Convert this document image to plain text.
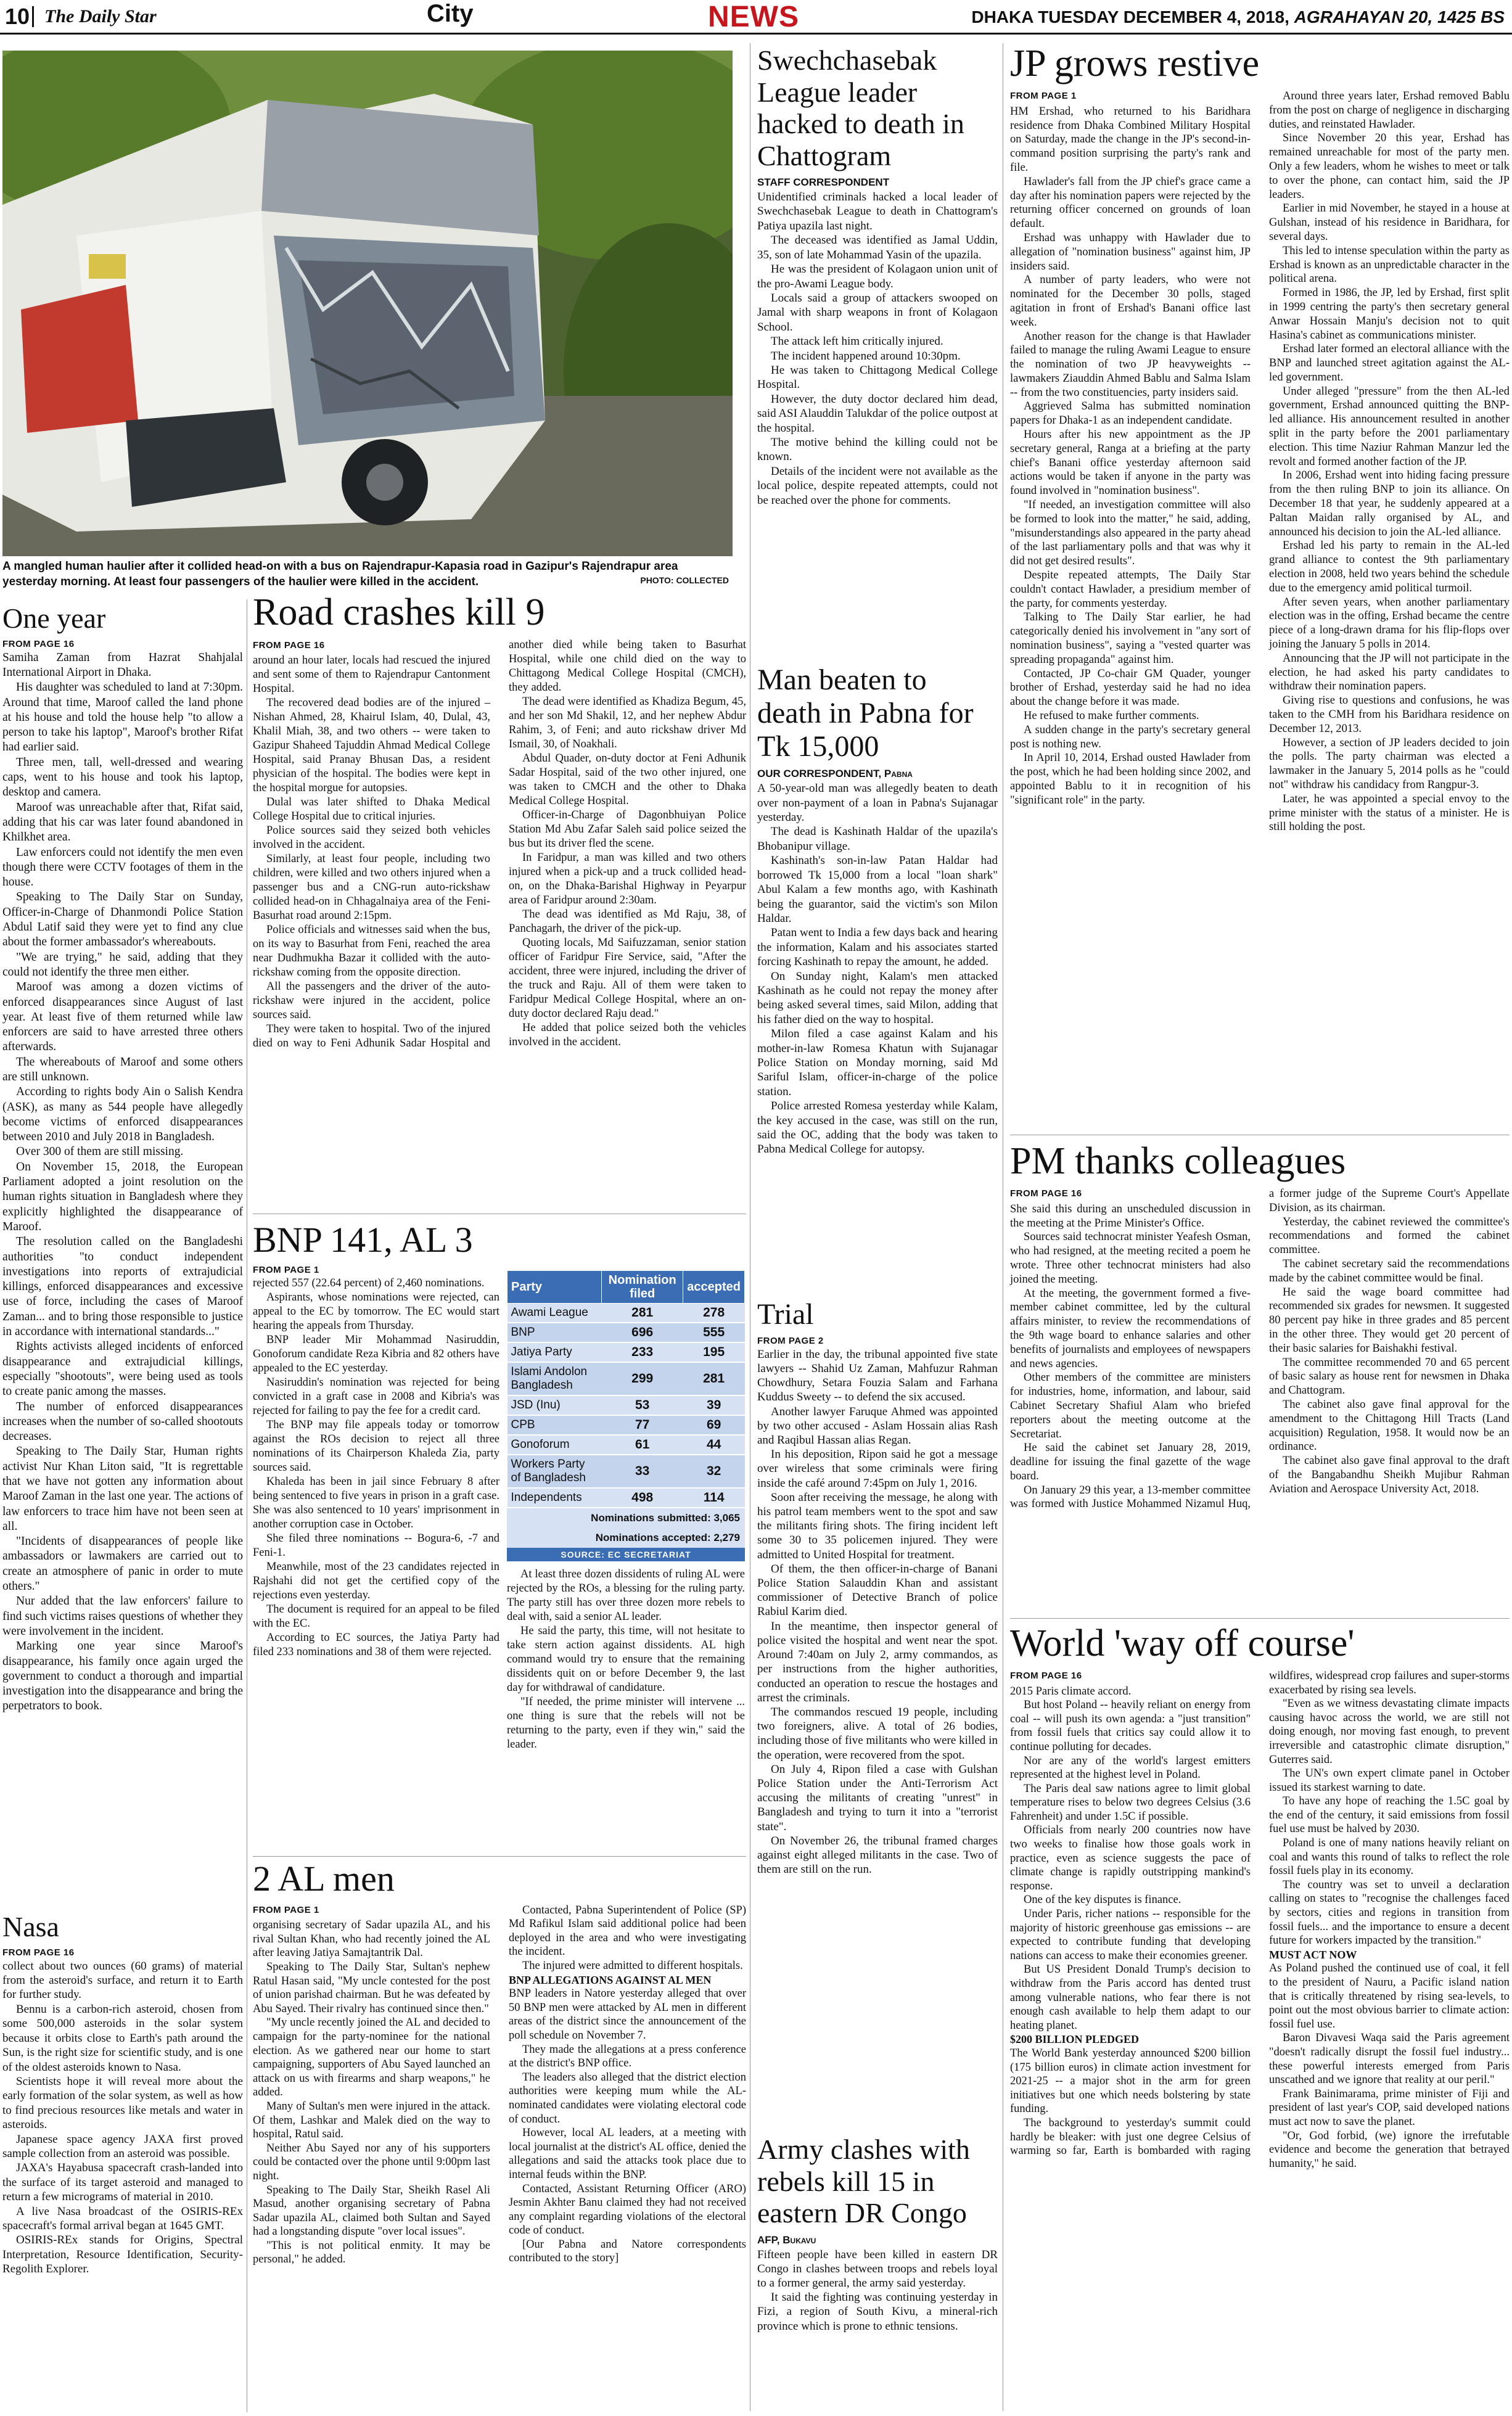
10 The Daily Star	City	NEWS	DHAKA TUESDAY DECEMBER 4, 2018, AGRAHAYAN 20, 1425 BS
A mangled human haulier after it collided head-on with a bus on Rajendrapur-Kapasia road in Gazipur's Rajendrapur area yesterday morning. At least four passengers of the haulier were killed in the accident.	PHOTO: COLLECTED
One year
FROM PAGE 16

Samiha Zaman from Hazrat Shahjalal International Airport in Dhaka.

His daughter was scheduled to land at 7:30pm. Around that time, Maroof called the land phone at his house and told the house help "to allow a person to take his laptop", Maroof's brother Rifat had earlier said.

Three men, tall, well-dressed and wearing caps, went to his house and took his laptop, desktop and camera.

Maroof was unreachable after that, Rifat said, adding that his car was later found abandoned in Khilkhet area.

Law enforcers could not identify the men even though there were CCTV footages of them in the house.

Speaking to The Daily Star on Sunday, Officer-in-Charge of Dhanmondi Police Station Abdul Latif said they were yet to find any clue about the former ambassador's whereabouts.

"We are trying," he said, adding that they could not identify the three men either.

Maroof was among a dozen victims of enforced disappearances since August of last year. At least five of them returned while law enforcers are said to have arrested three others afterwards.

The whereabouts of Maroof and some others are still unknown.

According to rights body Ain o Salish Kendra (ASK), as many as 544 people have allegedly become victims of enforced disappearances between 2010 and July 2018 in Bangladesh.

Over 300 of them are still missing.

On November 15, 2018, the European Parliament adopted a joint resolution on the human rights situation in Bangladesh where they explicitly highlighted the disappearance of Maroof.

The resolution called on the Bangladeshi authorities "to conduct independent investigations into reports of extrajudicial killings, enforced disappearances and excessive use of force, including the cases of Maroof Zaman... and to bring those responsible to justice in accordance with international standards..."

Rights activists alleged incidents of enforced disappearance and extrajudicial killings, especially "shootouts", were being used as tools to create panic among the masses.

The number of enforced disappearances increases when the number of so-called shootouts decreases.

Speaking to The Daily Star, Human rights activist Nur Khan Liton said, "It is regrettable that we have not gotten any information about Maroof Zaman in the last one year. The actions of law enforcers to trace him have not been seen at all.

"Incidents of disappearances of people like ambassadors or lawmakers are carried out to create an atmosphere of panic in order to mute others."

Nur added that the law enforcers' failure to find such victims raises questions of whether they were involvement in the incident.

Marking one year since Maroof's disappearance, his family once again urged the government to conduct a thorough and impartial investigation into the disappearance and bring the perpetrators to book.

Nasa
FROM PAGE 16

collect about two ounces (60 grams) of material from the asteroid's surface, and return it to Earth for further study.

Bennu is a carbon-rich asteroid, chosen from some 500,000 asteroids in the solar system because it orbits close to Earth's path around the Sun, is the right size for scientific study, and is one of the oldest asteroids known to Nasa.

Scientists hope it will reveal more about the early formation of the solar system, as well as how to find precious resources like metals and water in asteroids.

Japanese space agency JAXA first proved sample collection from an asteroid was possible.

JAXA's Hayabusa spacecraft crash-landed into the surface of its target asteroid and managed to return a few micrograms of material in 2010.

A live Nasa broadcast of the OSIRIS-REx spacecraft's formal arrival began at 1645 GMT.

OSIRIS-REx stands for Origins, Spectral Interpretation, Resource Identification, Security-Regolith Explorer.

Road crashes kill 9
FROM PAGE 16

around an hour later, locals had rescued the injured and sent some of them to Rajendrapur Cantonment Hospital.

The recovered dead bodies are of the injured – Nishan Ahmed, 28, Khairul Islam, 40, Dulal, 43, Khalil Miah, 38, and two others -- were taken to Gazipur Shaheed Tajuddin Ahmad Medical College Hospital, said Pranay Bhusan Das, a resident physician of the hospital. The bodies were kept in the hospital morgue for autopsies.

Dulal was later shifted to Dhaka Medical College Hospital due to critical injuries.

Police sources said they seized both vehicles involved in the accident.

Similarly, at least four people, including two children, were killed and two others injured when a passenger bus and a CNG-run auto-rickshaw collided head-on in Chhagalnaiya area of the Feni-Basurhat road around 2:15pm.

Police officials and witnesses said when the bus, on its way to Basurhat from Feni, reached the area near Dudhmukha Bazar it collided with the auto-rickshaw coming from the opposite direction.

All the passengers and the driver of the auto-rickshaw were injured in the accident, police sources said.

They were taken to hospital. Two of the injured died on way to Feni Adhunik Sadar Hospital and another died while being taken to Basurhat Hospital, while one child died on the way to Chittagong Medical College Hospital (CMCH), they added.

The dead were identified as Khadiza Begum, 45, and her son Md Shakil, 12, and her nephew Abdur Rahim, 3, of Feni; and auto rickshaw driver Md Ismail, 30, of Noakhali.

Abdul Quader, on-duty doctor at Feni Adhunik Sadar Hospital, said of the two other injured, one was taken to CMCH and the other to Dhaka Medical College Hospital.

Officer-in-Charge of Dagonbhuiyan Police Station Md Abu Zafar Saleh said police seized the bus but its driver fled the scene.

In Faridpur, a man was killed and two others injured when a pick-up and a truck collided head-on, on the Dhaka-Barishal Highway in Peyarpur area of Faridpur around 2:30am.

The dead was identified as Md Raju, 38, of Panchagarh, the driver of the pick-up.

Quoting locals, Md Saifuzzaman, senior station officer of Faridpur Fire Service, said, "After the accident, three were injured, including the driver of the truck and Raju. All of them were taken to Faridpur Medical College Hospital, where an on-duty doctor declared Raju dead."

He added that police seized both the vehicles involved in the accident.

BNP 141, AL 3
FROM PAGE 1

rejected 557 (22.64 percent) of 2,460 nominations.

Aspirants, whose nominations were rejected, can appeal to the EC by tomorrow. The EC would start hearing the appeals from Thursday.

BNP leader Mir Mohammad Nasiruddin, Gonoforum candidate Reza Kibria and 82 others have appealed to the EC yesterday.

Nasiruddin's nomination was rejected for being convicted in a graft case in 2008 and Kibria's was rejected for failing to pay the fee for a credit card.

The BNP may file appeals today or tomorrow against the ROs decision to reject all three nominations of its Chairperson Khaleda Zia, party sources said.

Khaleda has been in jail since February 8 after being sentenced to five years in prison in a graft case. She was also sentenced to 10 years' imprisonment in another corruption case in October.

She filed three nominations -- Bogura-6, -7 and Feni-1.

Meanwhile, most of the 23 candidates rejected in Rajshahi did not get the certified copy of the rejections even yesterday.

The document is required for an appeal to be filed with the EC.

According to EC sources, the Jatiya Party had filed 233 nominations and 38 of them were rejected.

At least three dozen dissidents of ruling AL were rejected by the ROs, a blessing for the ruling party. The party still has over three dozen more rebels to deal with, said a senior AL leader.

He said the party, this time, will not hesitate to take stern action against dissidents. AL high command would try to ensure that the remaining dissidents quit on or before December 9, the last day for withdrawal of candidature.

"If needed, the prime minister will intervene ... one thing is sure that the rebels will not be returning to the party, even if they win," said the leader.

Party	Nomination filed	accepted
Awami League	281	278
BNP	696	555
Jatiya Party	233	195
Islami Andolon Bangladesh	299	281
JSD (Inu)	53	39
CPB	77	69
Gonoforum	61	44
Workers Party of Bangladesh	33	32
Independents	498	114
Nominations submitted: 3,065
Nominations accepted: 2,279
SOURCE: EC SECRETARIAT
2 AL men
FROM PAGE 1

organising secretary of Sadar upazila AL, and his rival Sultan Khan, who had recently joined the AL after leaving Jatiya Samajtantrik Dal.

Speaking to The Daily Star, Sultan's nephew Ratul Hasan said, "My uncle contested for the post of union parishad chairman. But he was defeated by Abu Sayed. Their rivalry has continued since then."

"My uncle recently joined the AL and decided to campaign for the party-nominee for the national election. As we gathered near our home to start campaigning, supporters of Abu Sayed launched an attack on us with firearms and sharp weapons," he added.

Many of Sultan's men were injured in the attack. Of them, Lashkar and Malek died on the way to hospital, Ratul said.

Neither Abu Sayed nor any of his supporters could be contacted over the phone until 9:00pm last night.

Speaking to The Daily Star, Sheikh Rasel Ali Masud, another organising secretary of Pabna Sadar upazila AL, claimed both Sultan and Sayed had a longstanding dispute "over local issues".

"This is not political enmity. It may be personal," he added.

Contacted, Pabna Superintendent of Police (SP) Md Rafikul Islam said additional police had been deployed in the area and who were investigating the incident.

The injured were admitted to different hospitals.

BNP ALLEGATIONS AGAINST AL MEN

BNP leaders in Natore yesterday alleged that over 50 BNP men were attacked by AL men in different areas of the district since the announcement of the poll schedule on November 7.

They made the allegations at a press conference at the district's BNP office.

The leaders also alleged that the district election authorities were keeping mum while the AL-nominated candidates were violating electoral code of conduct.

However, local AL leaders, at a meeting with local journalist at the district's AL office, denied the allegations and said the attacks took place due to internal feuds within the BNP.

Contacted, Assistant Returning Officer (ARO) Jesmin Akhter Banu claimed they had not received any complaint regarding violations of the electoral code of conduct.

[Our Pabna and Natore correspondents contributed to the story]

Swechchasebak League leader hacked to death in Chattogram
STAFF CORRESPONDENT

Unidentified criminals hacked a local leader of Swechchasebak League to death in Chattogram's Patiya upazila last night.

The deceased was identified as Jamal Uddin, 35, son of late Mohammad Yasin of the upazila.

He was the president of Kolagaon union unit of the pro-Awami League body.

Locals said a group of attackers swooped on Jamal with sharp weapons in front of Kolagaon School.

The attack left him critically injured.

The incident happened around 10:30pm.

He was taken to Chittagong Medical College Hospital.

However, the duty doctor declared him dead, said ASI Alauddin Talukdar of the police outpost at the hospital.

The motive behind the killing could not be known.

Details of the incident were not available as the local police, despite repeated attempts, could not be reached over the phone for comments.

Man beaten to death in Pabna for Tk 15,000
OUR CORRESPONDENT, Pabna

A 50-year-old man was allegedly beaten to death over non-payment of a loan in Pabna's Sujanagar yesterday.

The dead is Kashinath Haldar of the upazila's Bhobanipur village.

Kashinath's son-in-law Patan Haldar had borrowed Tk 15,000 from a local "loan shark" Abul Kalam a few months ago, with Kashinath being the guarantor, said the victim's son Milon Haldar.

Patan went to India a few days back and hearing the information, Kalam and his associates started forcing Kashinath to repay the amount, he added.

On Sunday night, Kalam's men attacked Kashinath as he could not repay the money after being asked several times, said Milon, adding that his father died on the way to hospital.

Milon filed a case against Kalam and his mother-in-law Romesa Khatun with Sujanagar Police Station on Monday morning, said Md Sariful Islam, officer-in-charge of the police station.

Police arrested Romesa yesterday while Kalam, the key accused in the case, was still on the run, said the OC, adding that the body was taken to Pabna Medical College for autopsy.

Trial
FROM PAGE 2

Earlier in the day, the tribunal appointed five state lawyers -- Shahid Uz Zaman, Mahfuzur Rahman Chowdhury, Setara Fouzia Salam and Farhana Kuddus Sweety -- to defend the six accused.

Another lawyer Faruque Ahmed was appointed by two other accused - Aslam Hossain alias Rash and Raqibul Hassan alias Regan.

In his deposition, Ripon said he got a message over wireless that some criminals were firing inside the café around 7:45pm on July 1, 2016.

Soon after receiving the message, he along with his patrol team members went to the spot and saw the militants firing shots. The firing incident left some 30 to 35 policemen injured. They were admitted to United Hospital for treatment.

Of them, the then officer-in-charge of Banani Police Station Salauddin Khan and assistant commissioner of Detective Branch of police Rabiul Karim died.

In the meantime, then inspector general of police visited the hospital and went near the spot. Around 7:40am on July 2, army commandos, as per instructions from the higher authorities, conducted an operation to rescue the hostages and arrest the criminals.

The commandos rescued 19 people, including two foreigners, alive. A total of 26 bodies, including those of five militants who were killed in the operation, were recovered from the spot.

On July 4, Ripon filed a case with Gulshan Police Station under the Anti-Terrorism Act accusing the militants of creating "unrest" in Bangladesh and trying to turn it into a "terrorist state".

On November 26, the tribunal framed charges against eight alleged militants in the case. Two of them are still on the run.

Army clashes with rebels kill 15 in eastern DR Congo
AFP, Bukavu

Fifteen people have been killed in eastern DR Congo in clashes between troops and rebels loyal to a former general, the army said yesterday.

It said the fighting was continuing yesterday in Fizi, a region of South Kivu, a mineral-rich province which is prone to ethnic tensions.

JP grows restive
FROM PAGE 1

HM Ershad, who returned to his Baridhara residence from Dhaka Combined Military Hospital on Saturday, made the change in the JP's second-in-command position surprising the party's rank and file.

Hawlader's fall from the JP chief's grace came a day after his nomination papers were rejected by the returning officer concerned on grounds of loan default.

Ershad was unhappy with Hawlader due to allegation of "nomination business" against him, JP insiders said.

A number of party leaders, who were not nominated for the December 30 polls, staged agitation in front of Ershad's Banani office last week.

Another reason for the change is that Hawlader failed to manage the ruling Awami League to ensure the nomination of two JP heavyweights -- lawmakers Ziauddin Ahmed Bablu and Salma Islam -- from the two constituencies, party insiders said.

Aggrieved Salma has submitted nomination papers for Dhaka-1 as an independent candidate.

Hours after his new appointment as the JP secretary general, Ranga at a briefing at the party chief's Banani office yesterday afternoon said actions would be taken if anyone in the party was found involved in "nomination business".

"If needed, an investigation committee will also be formed to look into the matter," he said, adding, "misunderstandings also appeared in the party ahead of the last parliamentary polls and that was why it did not get desired results".

Despite repeated attempts, The Daily Star couldn't contact Hawlader, a presidium member of the party, for comments yesterday.

Talking to The Daily Star earlier, he had categorically denied his involvement in "any sort of nomination business", saying a "vested quarter was spreading propaganda" against him.

Contacted, JP Co-chair GM Quader, younger brother of Ershad, yesterday said he had no idea about the change before it was made.

He refused to make further comments.

A sudden change in the party's secretary general post is nothing new.

In April 10, 2014, Ershad ousted Hawlader from the post, which he had been holding since 2002, and appointed Bablu to it in recognition of his "significant role" in the party.

Around three years later, Ershad removed Bablu from the post on charge of negligence in discharging duties, and reinstated Hawlader.

Since November 20 this year, Ershad has remained unreachable for most of the party men. Only a few leaders, whom he wishes to meet or talk to over the phone, can contact him, said the JP leaders.

Earlier in mid November, he stayed in a house at Gulshan, instead of his residence in Baridhara, for several days.

This led to intense speculation within the party as Ershad is known as an unpredictable character in the political arena.

Formed in 1986, the JP, led by Ershad, first split in 1999 centring the party's then secretary general Anwar Hossain Manju's decision not to quit Hasina's cabinet as communications minister.

Ershad later formed an electoral alliance with the BNP and launched street agitation against the AL-led government.

Under alleged "pressure" from the then AL-led government, Ershad announced quitting the BNP-led alliance. His announcement resulted in another split in the party before the 2001 parliamentary election. This time Naziur Rahman Manzur led the revolt and formed another faction of the JP.

In 2006, Ershad went into hiding facing pressure from the then ruling BNP to join its alliance. On December 18 that year, he suddenly appeared at a Paltan Maidan rally organised by AL, and announced his decision to join the AL-led alliance.

Ershad led his party to remain in the AL-led grand alliance to contest the 9th parliamentary election in 2008, held two years behind the schedule due to the emergency amid political turmoil.

After seven years, when another parliamentary election was in the offing, Ershad became the centre piece of a long-drawn drama for his flip-flops over joining the January 5 polls in 2014.

Announcing that the JP will not participate in the election, he had asked his party candidates to withdraw their nomination papers.

Giving rise to questions and confusions, he was taken to the CMH from his Baridhara residence on December 12, 2013.

However, a section of JP leaders decided to join the polls. The party chairman was elected a lawmaker in the January 5, 2014 polls as he "could not" withdraw his candidacy from Rangpur-3.

Later, he was appointed a special envoy to the prime minister with the status of a minister. He is still holding the post.

PM thanks colleagues
FROM PAGE 16

She said this during an unscheduled discussion in the meeting at the Prime Minister's Office.

Sources said technocrat minister Yeafesh Osman, who had resigned, at the meeting recited a poem he wrote. Three other technocrat ministers had also joined the meeting.

At the meeting, the government formed a five-member cabinet committee, led by the cultural affairs minister, to review the recommendations of the 9th wage board to enhance salaries and other benefits of journalists and employees of newspapers and news agencies.

Other members of the committee are ministers for industries, home, information, and labour, said Cabinet Secretary Shafiul Alam who briefed reporters about the meeting outcome at the Secretariat.

He said the cabinet set January 28, 2019, deadline for issuing the final gazette of the wage board.

On January 29 this year, a 13-member committee was formed with Justice Mohammed Nizamul Huq, a former judge of the Supreme Court's Appellate Division, as its chairman.

Yesterday, the cabinet reviewed the committee's recommendations and formed the cabinet committee.

The cabinet secretary said the recommendations made by the cabinet committee would be final.

He said the wage board committee had recommended six grades for newsmen. It suggested 80 percent pay hike in three grades and 85 percent in the other three. They would get 20 percent of their basic salaries for Baishakhi festival.

The committee recommended 70 and 65 percent of basic salary as house rent for newsmen in Dhaka and Chattogram.

The cabinet also gave final approval for the amendment to the Chittagong Hill Tracts (Land acquisition) Regulation, 1958. It would now be an ordinance.

The cabinet also gave final approval to the draft of the Bangabandhu Sheikh Mujibur Rahman Aviation and Aerospace University Act, 2018.

World 'way off course'
FROM PAGE 16

2015 Paris climate accord.

But host Poland -- heavily reliant on energy from coal -- will push its own agenda: a "just transition" from fossil fuels that critics say could allow it to continue polluting for decades.

Nor are any of the world's largest emitters represented at the highest level in Poland.

The Paris deal saw nations agree to limit global temperature rises to below two degrees Celsius (3.6 Fahrenheit) and under 1.5C if possible.

Officials from nearly 200 countries now have two weeks to finalise how those goals work in practice, even as science suggests the pace of climate change is rapidly outstripping mankind's response.

One of the key disputes is finance.

Under Paris, richer nations -- responsible for the majority of historic greenhouse gas emissions -- are expected to contribute funding that developing nations can access to make their economies greener.

But US President Donald Trump's decision to withdraw from the Paris accord has dented trust among vulnerable nations, who fear there is not enough cash available to help them adapt to our heating planet.

$200 BILLION PLEDGED

The World Bank yesterday announced $200 billion (175 billion euros) in climate action investment for 2021-25 -- a major shot in the arm for green initiatives but one which needs bolstering by state funding.

The background to yesterday's summit could hardly be bleaker: with just one degree Celsius of warming so far, Earth is bombarded with raging wildfires, widespread crop failures and super-storms exacerbated by rising sea levels.

"Even as we witness devastating climate impacts causing havoc across the world, we are still not doing enough, nor moving fast enough, to prevent irreversible and catastrophic climate disruption," Guterres said.

The UN's own expert climate panel in October issued its starkest warning to date.

To have any hope of reaching the 1.5C goal by the end of the century, it said emissions from fossil fuel use must be halved by 2030.

Poland is one of many nations heavily reliant on coal and wants this round of talks to reflect the role fossil fuels play in its economy.

The country was set to unveil a declaration calling on states to "recognise the challenges faced by sectors, cities and regions in transition from fossil fuels... and the importance to ensure a decent future for workers impacted by the transition."

MUST ACT NOW

As Poland pushed the continued use of coal, it fell to the president of Nauru, a Pacific island nation that is critically threatened by rising sea-levels, to point out the most obvious barrier to climate action: fossil fuel use.

Baron Divavesi Waqa said the Paris agreement "doesn't radically disrupt the fossil fuel industry... these powerful interests emerged from Paris unscathed and we ignore that reality at our peril."

Frank Bainimarama, prime minister of Fiji and president of last year's COP, said developed nations must act now to save the planet.

"Or, God forbid, (we) ignore the irrefutable evidence and become the generation that betrayed humanity," he said.
